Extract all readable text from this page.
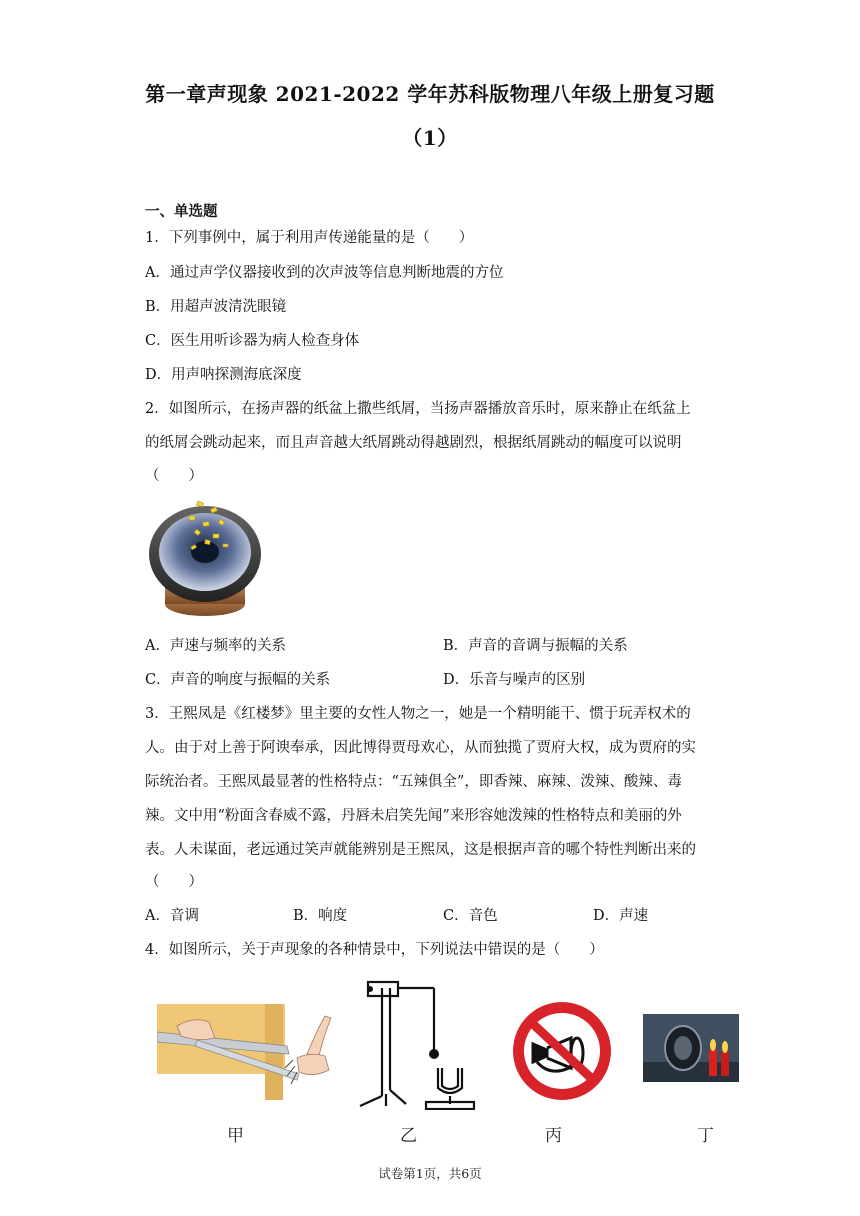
第一章声现象 2021-2022 学年苏科版物理八年级上册复习题
（1）
一、单选题
1．下列事例中，属于利用声传递能量的是（　　）
A．通过声学仪器接收到的次声波等信息判断地震的方位
B．用超声波清洗眼镜
C．医生用听诊器为病人检查身体
D．用声呐探测海底深度
2．如图所示，在扬声器的纸盆上撒些纸屑，当扬声器播放音乐时，原来静止在纸盆上
的纸屑会跳动起来，而且声音越大纸屑跳动得越剧烈，根据纸屑跳动的幅度可以说明
（　　）
A．声速与频率的关系	B．声音的音调与振幅的关系
C．声音的响度与振幅的关系	D．乐音与噪声的区别
3．王熙凤是《红楼梦》里主要的女性人物之一，她是一个精明能干、惯于玩弄权术的
人。由于对上善于阿谀奉承，因此博得贾母欢心，从而独揽了贾府大权，成为贾府的实
际统治者。王熙凤最显著的性格特点：“五辣俱全”，即香辣、麻辣、泼辣、酸辣、毒
辣。文中用“粉面含春威不露，丹唇未启笑先闻”来形容她泼辣的性格特点和美丽的外
表。人未谋面，老远通过笑声就能辨别是王熙凤，这是根据声音的哪个特性判断出来的
（　　）
A．音调	B．响度	C．音色	D．声速
4．如图所示，关于声现象的各种情景中，下列说法中错误的是（　　）
甲	乙	丙	丁
试卷第1页，共6页
